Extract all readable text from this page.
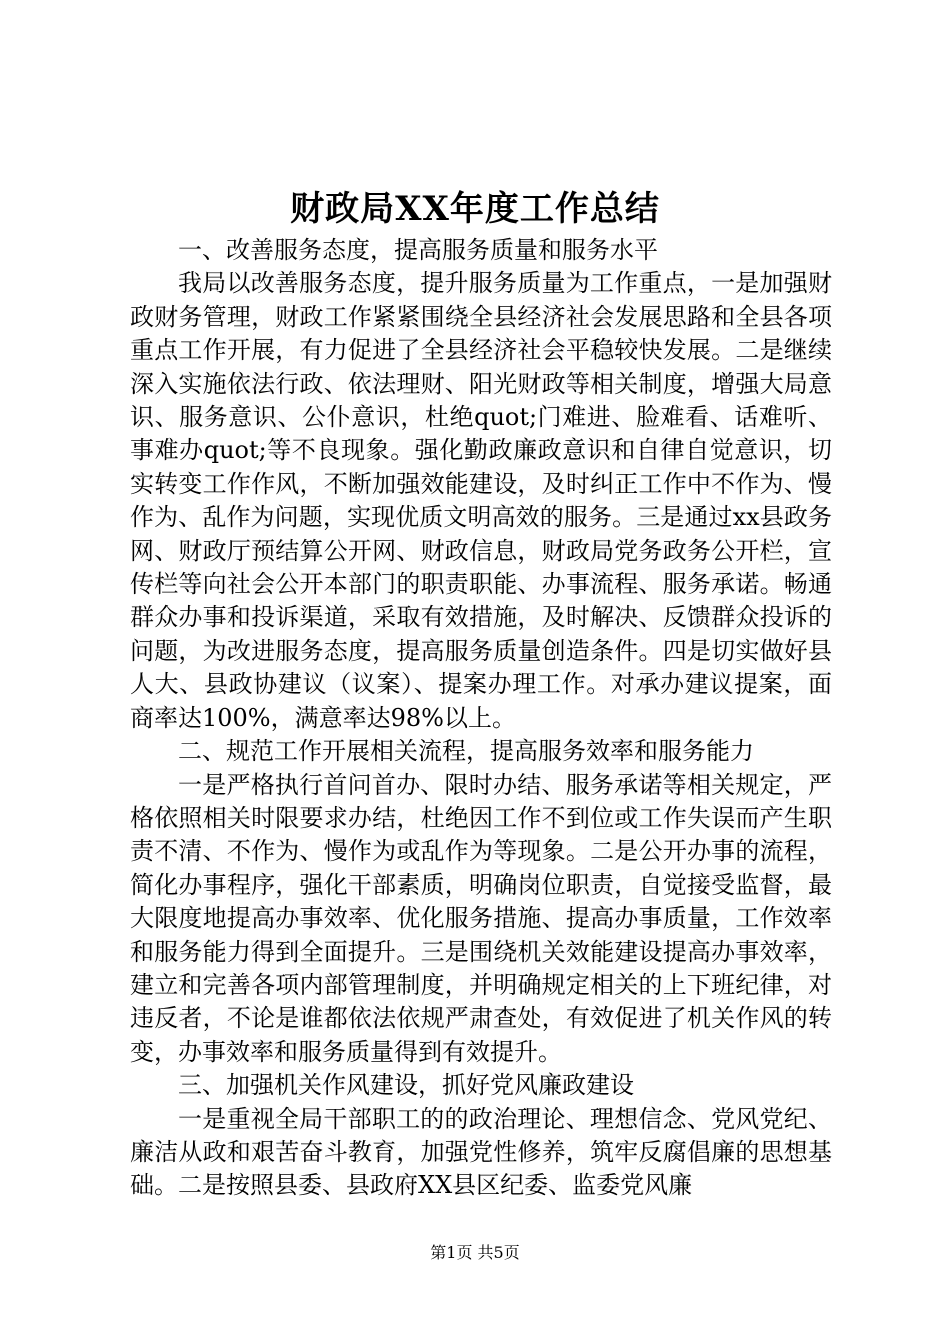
财政局XX年度工作总结

一、改善服务态度，提高服务质量和服务水平

我局以改善服务态度，提升服务质量为工作重点，一是加强财政财务管理，财政工作紧紧围绕全县经济社会发展思路和全县各项重点工作开展，有力促进了全县经济社会平稳较快发展。二是继续深入实施依法行政、依法理财、阳光财政等相关制度，增强大局意识、服务意识、公仆意识，杜绝quot;门难进、脸难看、话难听、事难办quot;等不良现象。强化勤政廉政意识和自律自觉意识，切实转变工作作风，不断加强效能建设，及时纠正工作中不作为、慢作为、乱作为问题，实现优质文明高效的服务。三是通过xx县政务网、财政厅预结算公开网、财政信息，财政局党务政务公开栏，宣传栏等向社会公开本部门的职责职能、办事流程、服务承诺。畅通群众办事和投诉渠道，采取有效措施，及时解决、反馈群众投诉的问题，为改进服务态度，提高服务质量创造条件。四是切实做好县人大、县政协建议（议案）、提案办理工作。对承办建议提案，面商率达100%，满意率达98%以上。

二、规范工作开展相关流程，提高服务效率和服务能力

一是严格执行首问首办、限时办结、服务承诺等相关规定，严格依照相关时限要求办结，杜绝因工作不到位或工作失误而产生职责不清、不作为、慢作为或乱作为等现象。二是公开办事的流程，简化办事程序，强化干部素质，明确岗位职责，自觉接受监督，最大限度地提高办事效率、优化服务措施、提高办事质量，工作效率和服务能力得到全面提升。三是围绕机关效能建设提高办事效率，建立和完善各项内部管理制度，并明确规定相关的上下班纪律，对违反者，不论是谁都依法依规严肃查处，有效促进了机关作风的转变，办事效率和服务质量得到有效提升。

三、加强机关作风建设，抓好党风廉政建设

一是重视全局干部职工的的政治理论、理想信念、党风党纪、廉洁从政和艰苦奋斗教育，加强党性修养，筑牢反腐倡廉的思想基础。二是按照县委、县政府XX县区纪委、监委党风廉

第1页 共5页
